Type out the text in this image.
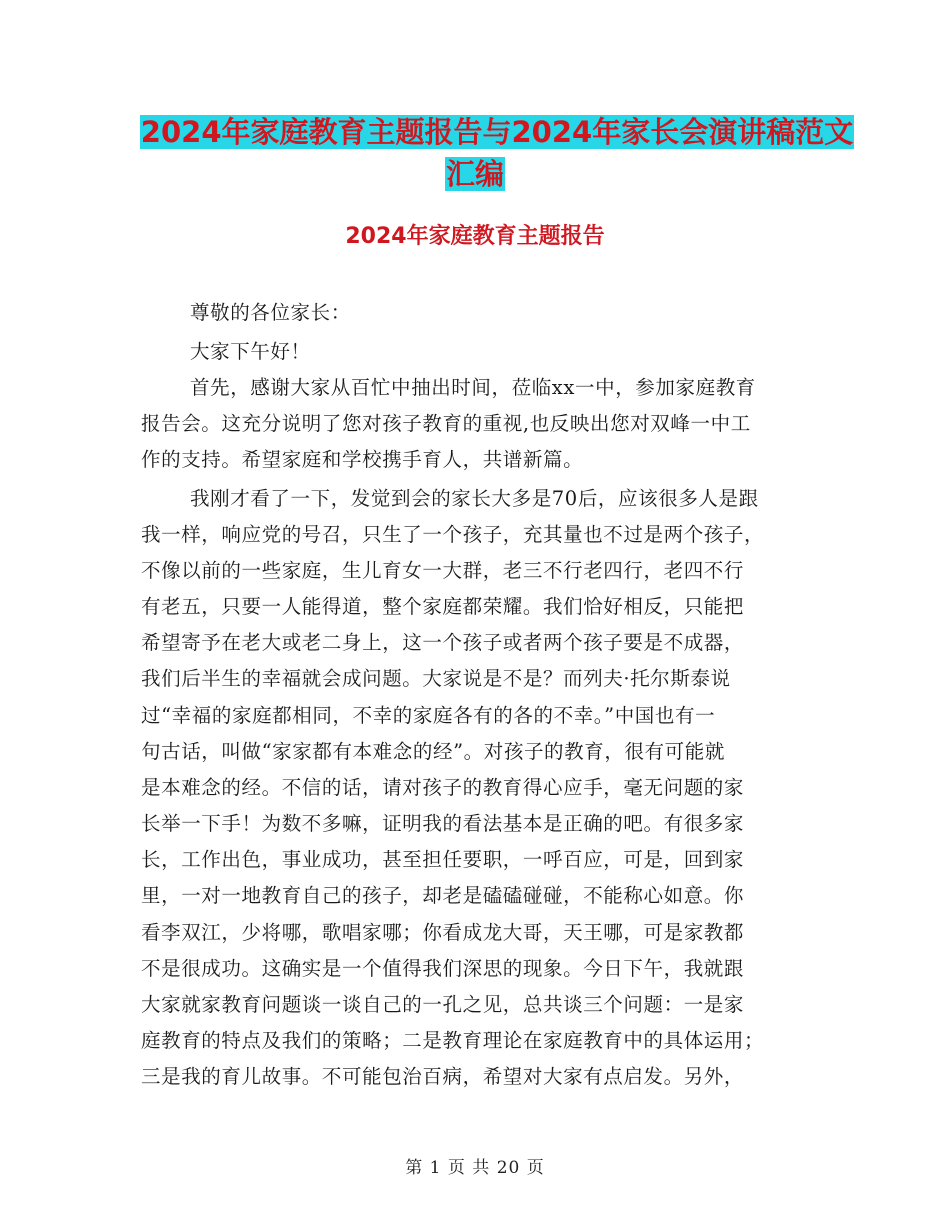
2024年家庭教育主题报告与2024年家长会演讲稿范文
汇编
2024年家庭教育主题报告
尊敬的各位家长：
大家下午好！
首先，感谢大家从百忙中抽出时间，莅临xx一中，参加家庭教育
报告会。这充分说明了您对孩子教育的重视,也反映出您对双峰一中工
作的支持。希望家庭和学校携手育人，共谱新篇。
我刚才看了一下，发觉到会的家长大多是70后，应该很多人是跟
我一样，响应党的号召，只生了一个孩子，充其量也不过是两个孩子，
不像以前的一些家庭，生儿育女一大群，老三不行老四行，老四不行
有老五，只要一人能得道，整个家庭都荣耀。我们恰好相反，只能把
希望寄予在老大或老二身上，这一个孩子或者两个孩子要是不成器，
我们后半生的幸福就会成问题。大家说是不是？而列夫·托尔斯泰说
过“幸福的家庭都相同，不幸的家庭各有的各的不幸。”中国也有一
句古话，叫做“家家都有本难念的经”。对孩子的教育，很有可能就
是本难念的经。不信的话，请对孩子的教育得心应手，毫无问题的家
长举一下手！为数不多嘛，证明我的看法基本是正确的吧。有很多家
长，工作出色，事业成功，甚至担任要职，一呼百应，可是，回到家
里，一对一地教育自己的孩子，却老是磕磕碰碰，不能称心如意。你
看李双江，少将哪，歌唱家哪；你看成龙大哥，天王哪，可是家教都
不是很成功。这确实是一个值得我们深思的现象。今日下午，我就跟
大家就家教育问题谈一谈自己的一孔之见，总共谈三个问题：一是家
庭教育的特点及我们的策略；二是教育理论在家庭教育中的具体运用；
三是我的育儿故事。不可能包治百病，希望对大家有点启发。另外，
第 1 页 共 20 页
